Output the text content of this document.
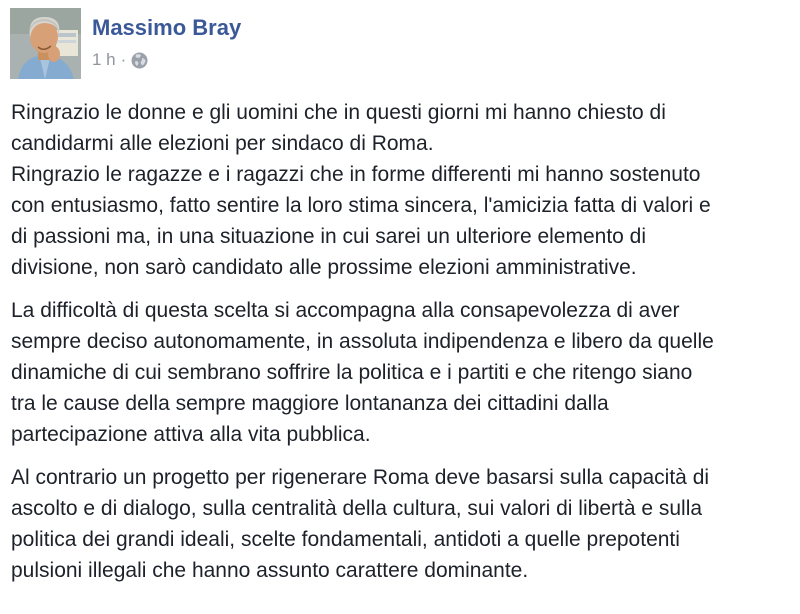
Massimo Bray
1 h ·
Ringrazio le donne e gli uomini che in questi giorni mi hanno chiesto di
candidarmi alle elezioni per sindaco di Roma.
Ringrazio le ragazze e i ragazzi che in forme differenti mi hanno sostenuto
con entusiasmo, fatto sentire la loro stima sincera, l'amicizia fatta di valori e
di passioni ma, in una situazione in cui sarei un ulteriore elemento di
divisione, non sarò candidato alle prossime elezioni amministrative.
La difficoltà di questa scelta si accompagna alla consapevolezza di aver
sempre deciso autonomamente, in assoluta indipendenza e libero da quelle
dinamiche di cui sembrano soffrire la politica e i partiti e che ritengo siano
tra le cause della sempre maggiore lontananza dei cittadini dalla
partecipazione attiva alla vita pubblica.
Al contrario un progetto per rigenerare Roma deve basarsi sulla capacità di
ascolto e di dialogo, sulla centralità della cultura, sui valori di libertà e sulla
politica dei grandi ideali, scelte fondamentali, antidoti a quelle prepotenti
pulsioni illegali che hanno assunto carattere dominante.
